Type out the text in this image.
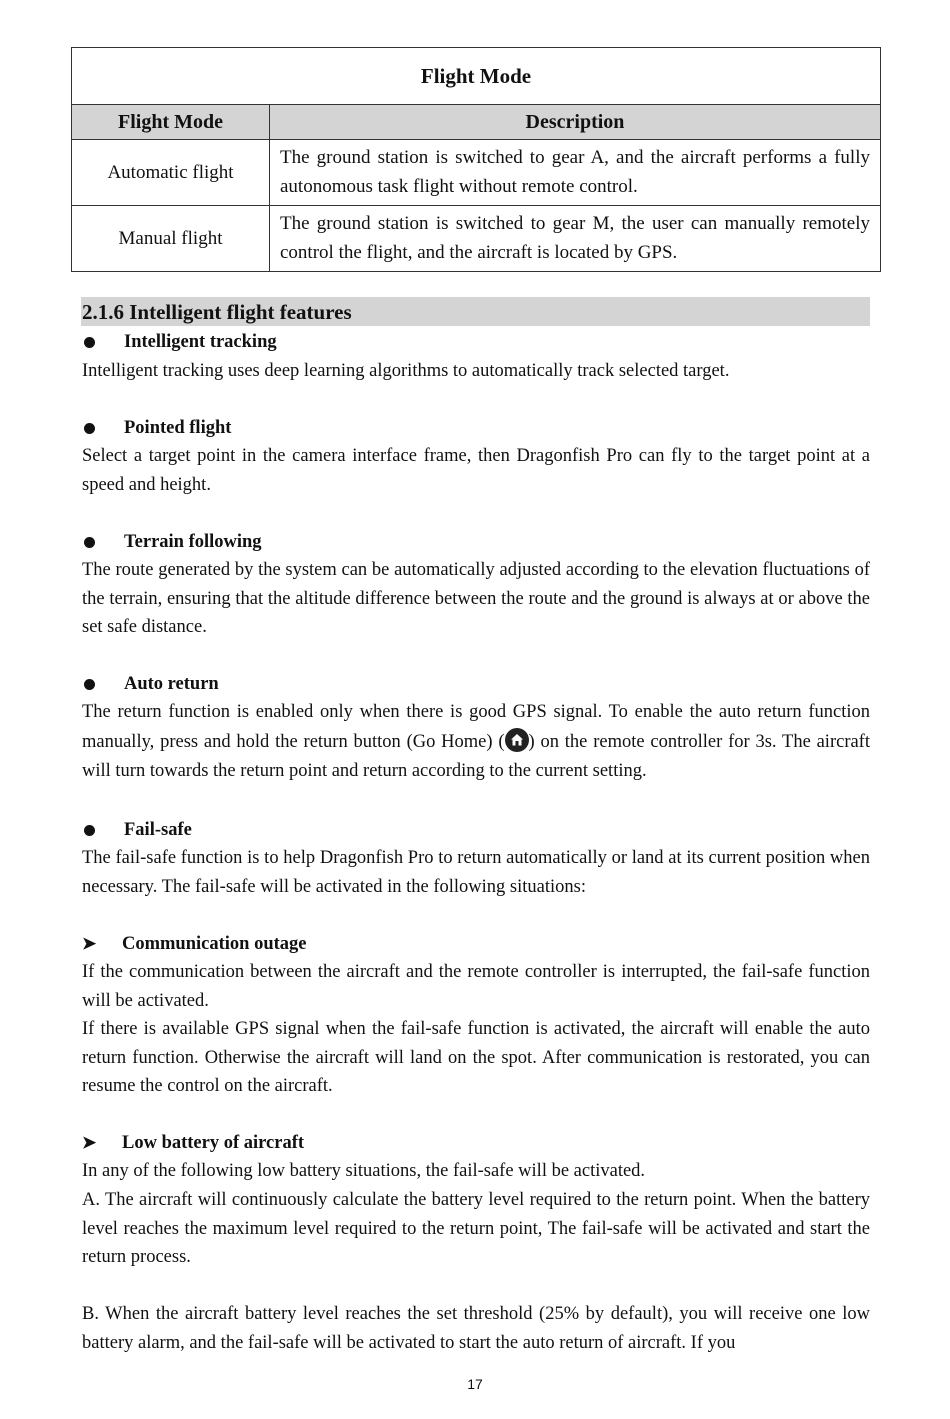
Flight Mode	
Flight Mode	Description
Automatic flight	The ground station is switched to gear A, and the aircraft performs a fully autonomous task flight without remote control.
Manual flight	The ground station is switched to gear M, the user can manually remotely control the flight, and the aircraft is located by GPS.
2.1.6 Intelligent flight features
Intelligent tracking

Intelligent tracking uses deep learning algorithms to automatically track selected target.

Pointed flight

Select a target point in the camera interface frame, then Dragonfish Pro can fly to the target point at a speed and height.

Terrain following

The route generated by the system can be automatically adjusted according to the elevation fluctuations of the terrain, ensuring that the altitude difference between the route and the ground is always at or above the set safe distance.

Auto return

The return function is enabled only when there is good GPS signal. To enable the auto return function manually, press and hold the return button (Go Home) ( ) on the remote controller for 3s. The aircraft will turn towards the return point and return according to the current setting.

Fail-safe

The fail-safe function is to help Dragonfish Pro to return automatically or land at its current position when necessary. The fail-safe will be activated in the following situations:

➤	Communication outage

If the communication between the aircraft and the remote controller is interrupted, the fail-safe function will be activated.

If there is available GPS signal when the fail-safe function is activated, the aircraft will enable the auto return function. Otherwise the aircraft will land on the spot. After communication is restorated, you can resume the control on the aircraft.

➤	Low battery of aircraft

In any of the following low battery situations, the fail-safe will be activated.

A. The aircraft will continuously calculate the battery level required to the return point. When the battery level reaches the maximum level required to the return point, The fail-safe will be activated and start the return process.

B. When the aircraft battery level reaches the set threshold (25% by default), you will receive one low battery alarm, and the fail-safe will be activated to start the auto return of aircraft. If you

17
